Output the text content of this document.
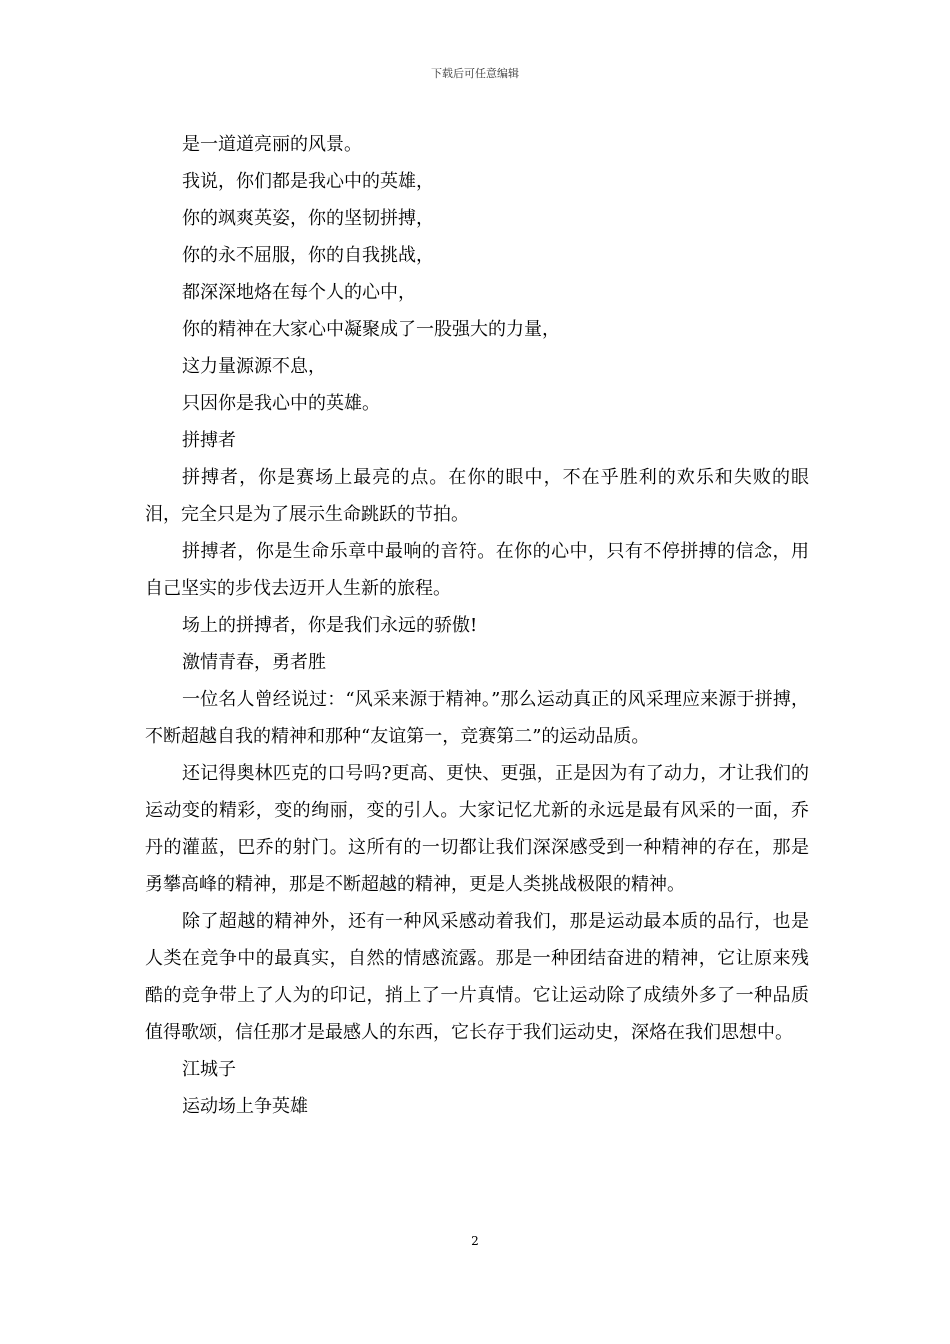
下载后可任意编辑

是一道道亮丽的风景。

我说，你们都是我心中的英雄，

你的飒爽英姿，你的坚韧拼搏，

你的永不屈服，你的自我挑战，

都深深地烙在每个人的心中，

你的精神在大家心中凝聚成了一股强大的力量，

这力量源源不息，

只因你是我心中的英雄。

拼搏者

拼搏者，你是赛场上最亮的点。在你的眼中，不在乎胜利的欢乐和失败的眼泪，完全只是为了展示生命跳跃的节拍。

拼搏者，你是生命乐章中最响的音符。在你的心中，只有不停拼搏的信念，用自己坚实的步伐去迈开人生新的旅程。

场上的拼搏者，你是我们永远的骄傲!

激情青春，勇者胜

一位名人曾经说过：“风采来源于精神。”那么运动真正的风采理应来源于拼搏，不断超越自我的精神和那种“友谊第一，竞赛第二”的运动品质。

还记得奥林匹克的口号吗?更高、更快、更强，正是因为有了动力，才让我们的运动变的精彩，变的绚丽，变的引人。大家记忆尤新的永远是最有风采的一面，乔丹的灌蓝，巴乔的射门。这所有的一切都让我们深深感受到一种精神的存在，那是勇攀高峰的精神，那是不断超越的精神，更是人类挑战极限的精神。

除了超越的精神外，还有一种风采感动着我们，那是运动最本质的品行，也是人类在竞争中的最真实，自然的情感流露。那是一种团结奋进的精神，它让原来残酷的竞争带上了人为的印记，捎上了一片真情。它让运动除了成绩外多了一种品质值得歌颂，信任那才是最感人的东西，它长存于我们运动史，深烙在我们思想中。

江城子

运动场上争英雄

2
